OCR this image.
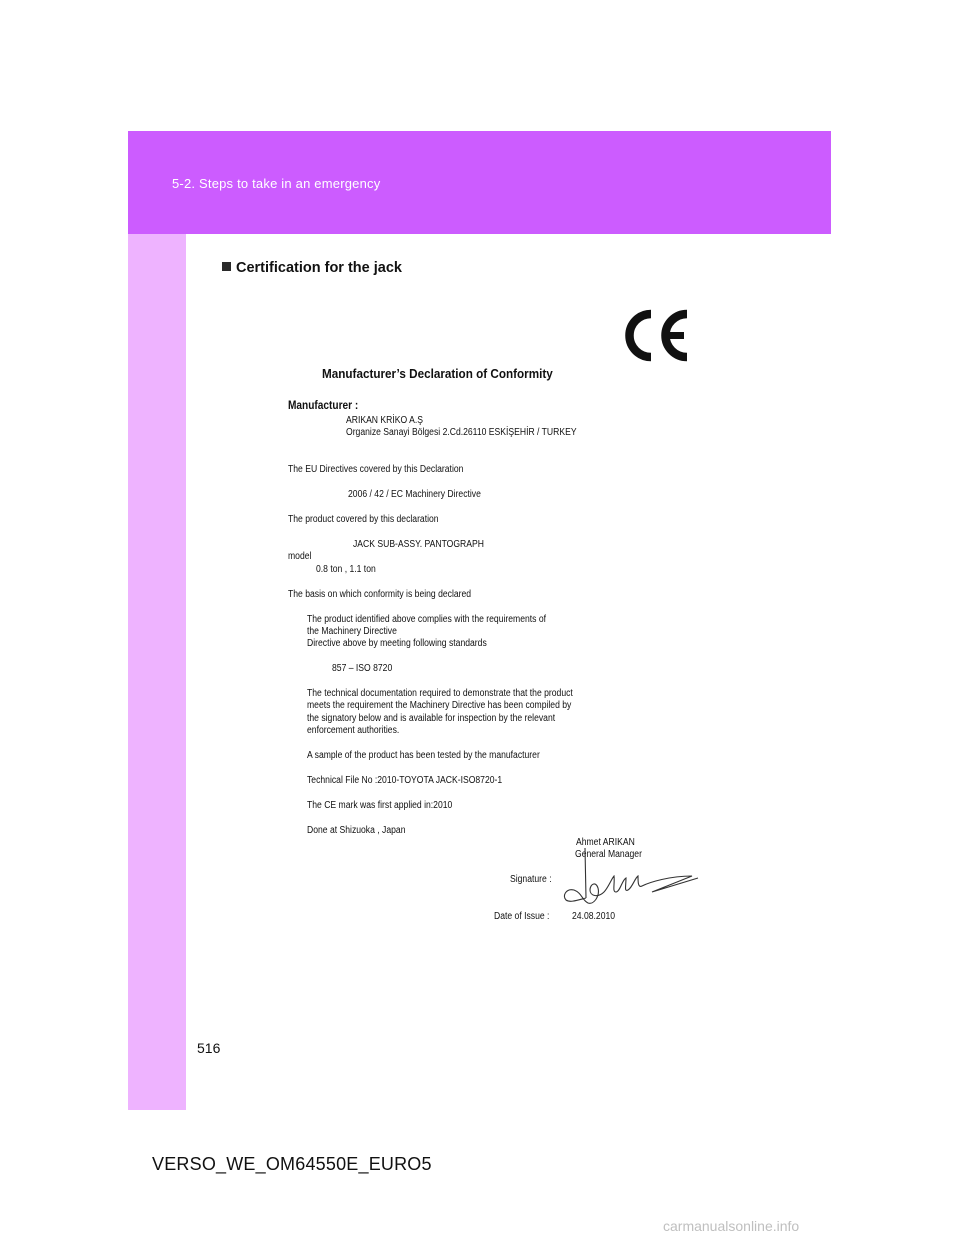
5-2. Steps to take in an emergency
Certification for the jack
Manufacturer’s Declaration of Conformity
Manufacturer :
ARIKAN KRİKO A.Ş
Organize Sanayi Bölgesi 2.Cd.26110 ESKİŞEHİR / TURKEY
The EU Directives covered by this Declaration
2006 / 42 / EC Machinery Directive
The product covered by this declaration
JACK SUB-ASSY. PANTOGRAPH
model
0.8 ton , 1.1 ton
The basis on which conformity is being declared
The product identified above complies with the requirements of
the Machinery Directive
Directive above by meeting following standards
857 – ISO 8720
The technical documentation required to demonstrate that the product
meets the requirement the Machinery Directive has been compiled by
the signatory below and is available for inspection by the relevant
enforcement authorities.
A sample of the product has been tested by the manufacturer
Technical File No :2010-TOYOTA JACK-ISO8720-1
The CE mark was first applied in:2010
Done at Shizuoka , Japan
Ahmet ARIKAN
General Manager
Signature :
Date of Issue : 24.08.2010
516
VERSO_WE_OM64550E_EURO5
carmanualsonline.info
